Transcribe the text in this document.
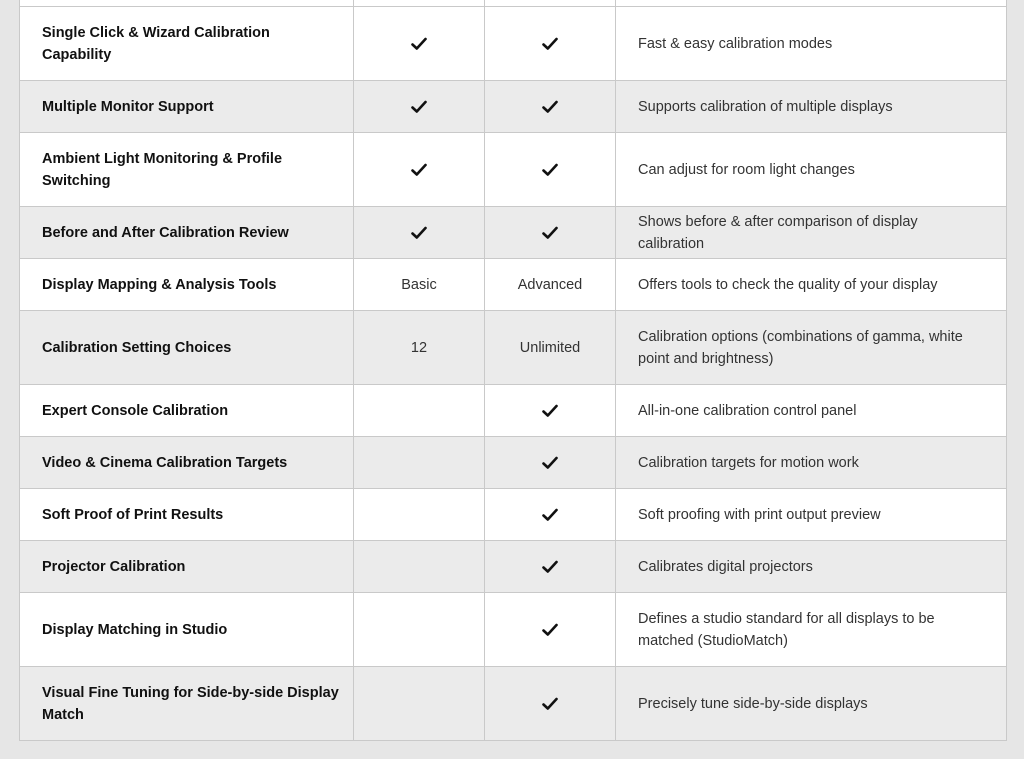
Single Click & Wizard Calibration Capability			Fast & easy calibration modes
Multiple Monitor Support			Supports calibration of multiple displays
Ambient Light Monitoring & Profile Switching			Can adjust for room light changes
Before and After Calibration Review			Shows before & after comparison of display calibration
Display Mapping & Analysis Tools	Basic	Advanced	Offers tools to check the quality of your display
Calibration Setting Choices	12	Unlimited	Calibration options (combinations of gamma, white point and brightness)
Expert Console Calibration			All-in-one calibration control panel
Video & Cinema Calibration Targets			Calibration targets for motion work
Soft Proof of Print Results			Soft proofing with print output preview
Projector Calibration			Calibrates digital projectors
Display Matching in Studio			Defines a studio standard for all displays to be matched (StudioMatch)
Visual Fine Tuning for Side-by-side Display Match			Precisely tune side-by-side displays
